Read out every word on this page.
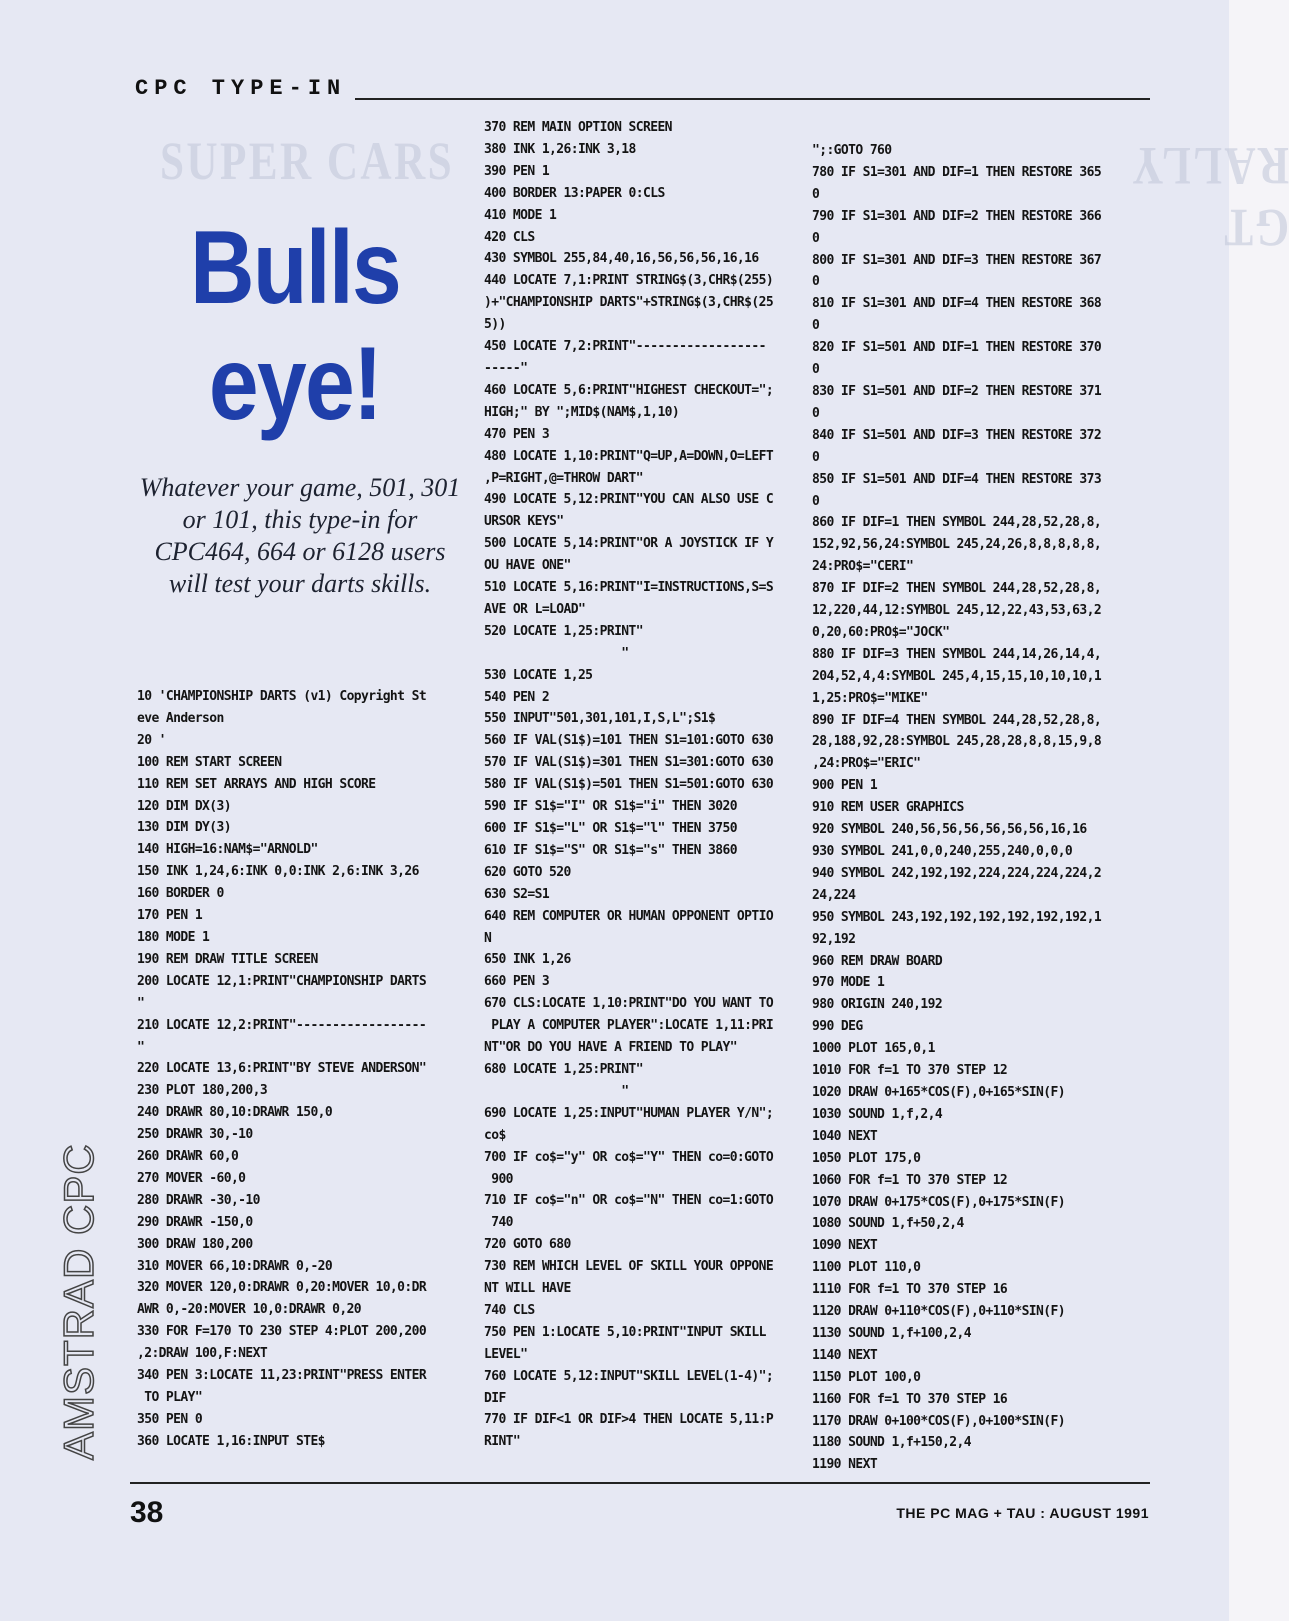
SUPER CARS
GT RALLY
CPC TYPE-IN
Bulls
eye!
Whatever your game, 501, 301 or 101, this type-in for CPC464, 664 or 6128 users will test your darts skills.
10 'CHAMPIONSHIP DARTS (v1) Copyright St
eve Anderson
20 '
100 REM START SCREEN
110 REM SET ARRAYS AND HIGH SCORE
120 DIM DX(3)
130 DIM DY(3)
140 HIGH=16:NAM$="ARNOLD"
150 INK 1,24,6:INK 0,0:INK 2,6:INK 3,26
160 BORDER 0
170 PEN 1
180 MODE 1
190 REM DRAW TITLE SCREEN
200 LOCATE 12,1:PRINT"CHAMPIONSHIP DARTS
"
210 LOCATE 12,2:PRINT"------------------
"
220 LOCATE 13,6:PRINT"BY STEVE ANDERSON"
230 PLOT 180,200,3
240 DRAWR 80,10:DRAWR 150,0
250 DRAWR 30,-10
260 DRAWR 60,0
270 MOVER -60,0
280 DRAWR -30,-10
290 DRAWR -150,0
300 DRAW 180,200
310 MOVER 66,10:DRAWR 0,-20
320 MOVER 120,0:DRAWR 0,20:MOVER 10,0:DR
AWR 0,-20:MOVER 10,0:DRAWR 0,20
330 FOR F=170 TO 230 STEP 4:PLOT 200,200
,2:DRAW 100,F:NEXT
340 PEN 3:LOCATE 11,23:PRINT"PRESS ENTER
TO PLAY"
350 PEN 0
360 LOCATE 1,16:INPUT STE$
370 REM MAIN OPTION SCREEN
380 INK 1,26:INK 3,18
390 PEN 1
400 BORDER 13:PAPER 0:CLS
410 MODE 1
420 CLS
430 SYMBOL 255,84,40,16,56,56,56,16,16
440 LOCATE 7,1:PRINT STRING$(3,CHR$(255)
)+"CHAMPIONSHIP DARTS"+STRING$(3,CHR$(25
5))
450 LOCATE 7,2:PRINT"------------------
-----"
460 LOCATE 5,6:PRINT"HIGHEST CHECKOUT=";
HIGH;" BY ";MID$(NAM$,1,10)
470 PEN 3
480 LOCATE 1,10:PRINT"Q=UP,A=DOWN,O=LEFT
,P=RIGHT,@=THROW DART"
490 LOCATE 5,12:PRINT"YOU CAN ALSO USE C
URSOR KEYS"
500 LOCATE 5,14:PRINT"OR A JOYSTICK IF Y
OU HAVE ONE"
510 LOCATE 5,16:PRINT"I=INSTRUCTIONS,S=S
AVE OR L=LOAD"
520 LOCATE 1,25:PRINT"
"
530 LOCATE 1,25
540 PEN 2
550 INPUT"501,301,101,I,S,L";S1$
560 IF VAL(S1$)=101 THEN S1=101:GOTO 630
570 IF VAL(S1$)=301 THEN S1=301:GOTO 630
580 IF VAL(S1$)=501 THEN S1=501:GOTO 630
590 IF S1$="I" OR S1$="i" THEN 3020
600 IF S1$="L" OR S1$="l" THEN 3750
610 IF S1$="S" OR S1$="s" THEN 3860
620 GOTO 520
630 S2=S1
640 REM COMPUTER OR HUMAN OPPONENT OPTIO
N
650 INK 1,26
660 PEN 3
670 CLS:LOCATE 1,10:PRINT"DO YOU WANT TO
PLAY A COMPUTER PLAYER":LOCATE 1,11:PRI
NT"OR DO YOU HAVE A FRIEND TO PLAY"
680 LOCATE 1,25:PRINT"
"
690 LOCATE 1,25:INPUT"HUMAN PLAYER Y/N";
co$
700 IF co$="y" OR co$="Y" THEN co=0:GOTO
900
710 IF co$="n" OR co$="N" THEN co=1:GOTO
740
720 GOTO 680
730 REM WHICH LEVEL OF SKILL YOUR OPPONE
NT WILL HAVE
740 CLS
750 PEN 1:LOCATE 5,10:PRINT"INPUT SKILL
LEVEL"
760 LOCATE 5,12:INPUT"SKILL LEVEL(1-4)";
DIF
770 IF DIF<1 OR DIF>4 THEN LOCATE 5,11:P
RINT"
";:GOTO 760
780 IF S1=301 AND DIF=1 THEN RESTORE 365
0
790 IF S1=301 AND DIF=2 THEN RESTORE 366
0
800 IF S1=301 AND DIF=3 THEN RESTORE 367
0
810 IF S1=301 AND DIF=4 THEN RESTORE 368
0
820 IF S1=501 AND DIF=1 THEN RESTORE 370
0
830 IF S1=501 AND DIF=2 THEN RESTORE 371
0
840 IF S1=501 AND DIF=3 THEN RESTORE 372
0
850 IF S1=501 AND DIF=4 THEN RESTORE 373
0
860 IF DIF=1 THEN SYMBOL 244,28,52,28,8,
152,92,56,24:SYMBOL 245,24,26,8,8,8,8,8,
24:PRO$="CERI"
870 IF DIF=2 THEN SYMBOL 244,28,52,28,8,
12,220,44,12:SYMBOL 245,12,22,43,53,63,2
0,20,60:PRO$="JOCK"
880 IF DIF=3 THEN SYMBOL 244,14,26,14,4,
204,52,4,4:SYMBOL 245,4,15,15,10,10,10,1
1,25:PRO$="MIKE"
890 IF DIF=4 THEN SYMBOL 244,28,52,28,8,
28,188,92,28:SYMBOL 245,28,28,8,8,15,9,8
,24:PRO$="ERIC"
900 PEN 1
910 REM USER GRAPHICS
920 SYMBOL 240,56,56,56,56,56,56,16,16
930 SYMBOL 241,0,0,240,255,240,0,0,0
940 SYMBOL 242,192,192,224,224,224,224,2
24,224
950 SYMBOL 243,192,192,192,192,192,192,1
92,192
960 REM DRAW BOARD
970 MODE 1
980 ORIGIN 240,192
990 DEG
1000 PLOT 165,0,1
1010 FOR f=1 TO 370 STEP 12
1020 DRAW 0+165*COS(F),0+165*SIN(F)
1030 SOUND 1,f,2,4
1040 NEXT
1050 PLOT 175,0
1060 FOR f=1 TO 370 STEP 12
1070 DRAW 0+175*COS(F),0+175*SIN(F)
1080 SOUND 1,f+50,2,4
1090 NEXT
1100 PLOT 110,0
1110 FOR f=1 TO 370 STEP 16
1120 DRAW 0+110*COS(F),0+110*SIN(F)
1130 SOUND 1,f+100,2,4
1140 NEXT
1150 PLOT 100,0
1160 FOR f=1 TO 370 STEP 16
1170 DRAW 0+100*COS(F),0+100*SIN(F)
1180 SOUND 1,f+150,2,4
1190 NEXT
AMSTRAD CPC
38	THE PC MAG + TAU : AUGUST 1991
